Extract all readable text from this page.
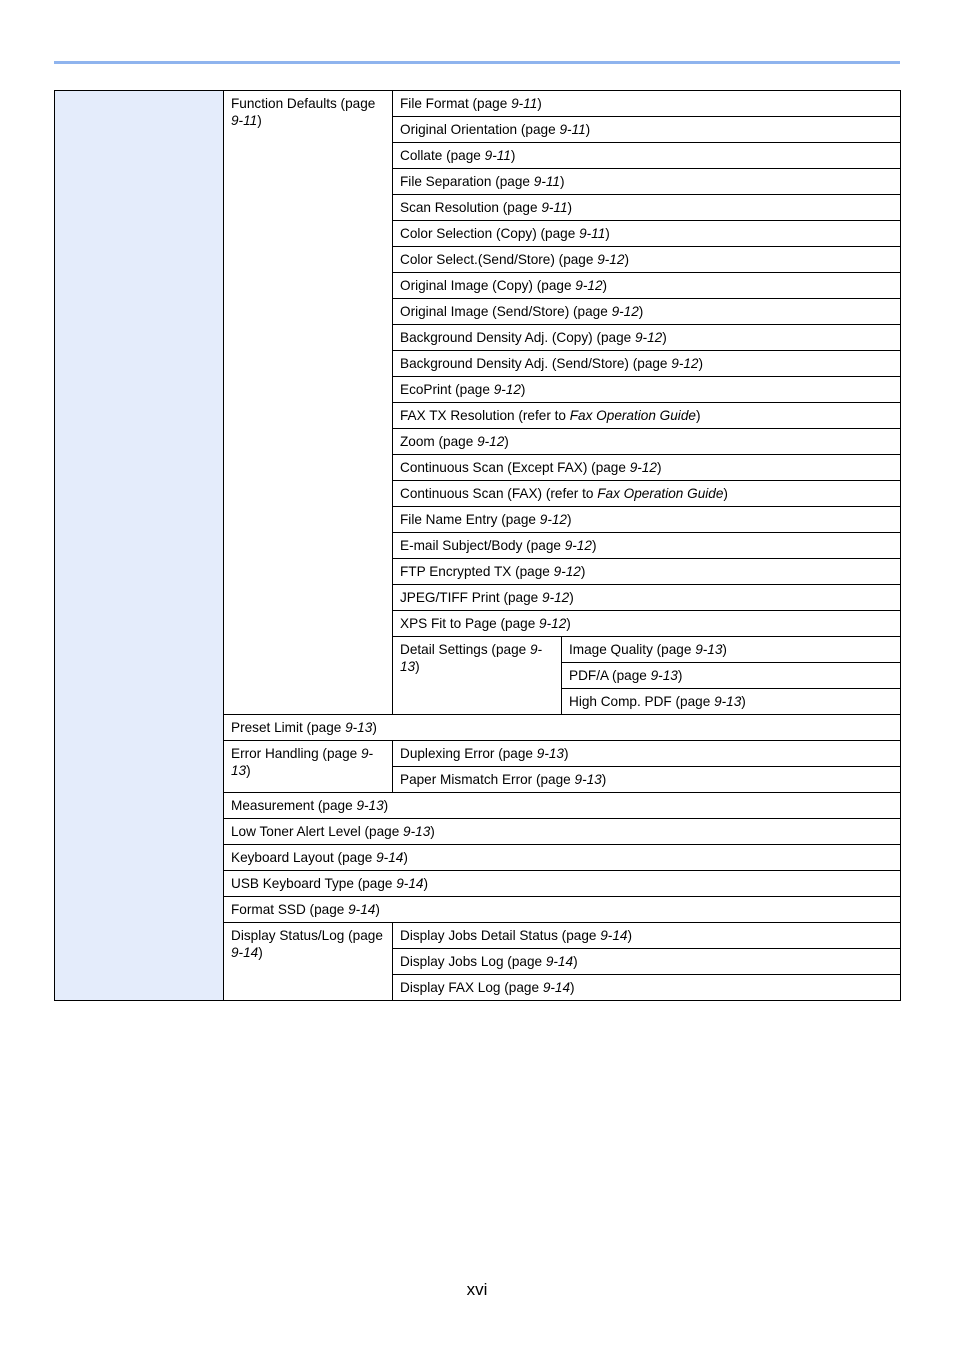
	Function Defaults (page 9-11)	File Format (page 9-11)	
		Original Orientation (page 9-11)	
		Collate (page 9-11)	
		File Separation (page 9-11)	
		Scan Resolution (page 9-11)	
		Color Selection (Copy) (page 9-11)	
		Color Select.(Send/Store) (page 9-12)	
		Original Image (Copy) (page 9-12)	
		Original Image (Send/Store) (page 9-12)	
		Background Density Adj. (Copy) (page 9-12)	
		Background Density Adj. (Send/Store) (page 9-12)	
		EcoPrint (page 9-12)	
		FAX TX Resolution (refer to Fax Operation Guide)	
		Zoom (page 9-12)	
		Continuous Scan (Except FAX) (page 9-12)	
		Continuous Scan (FAX) (refer to Fax Operation Guide)	
		File Name Entry (page 9-12)	
		E-mail Subject/Body (page 9-12)	
		FTP Encrypted TX (page 9-12)	
		JPEG/TIFF Print (page 9-12)	
		XPS Fit to Page (page 9-12)	
		Detail Settings (page 9-13)	Image Quality (page 9-13)
			PDF/A (page 9-13)
			High Comp. PDF (page 9-13)
	Preset Limit (page 9-13)		
	Error Handling (page 9-13)	Duplexing Error (page 9-13)	
		Paper Mismatch Error (page 9-13)	
	Measurement (page 9-13)		
	Low Toner Alert Level (page 9-13)		
	Keyboard Layout (page 9-14)		
	USB Keyboard Type (page 9-14)		
	Format SSD (page 9-14)		
	Display Status/Log (page 9-14)	Display Jobs Detail Status (page 9-14)	
		Display Jobs Log (page 9-14)	
		Display FAX Log (page 9-14)	
xvi
